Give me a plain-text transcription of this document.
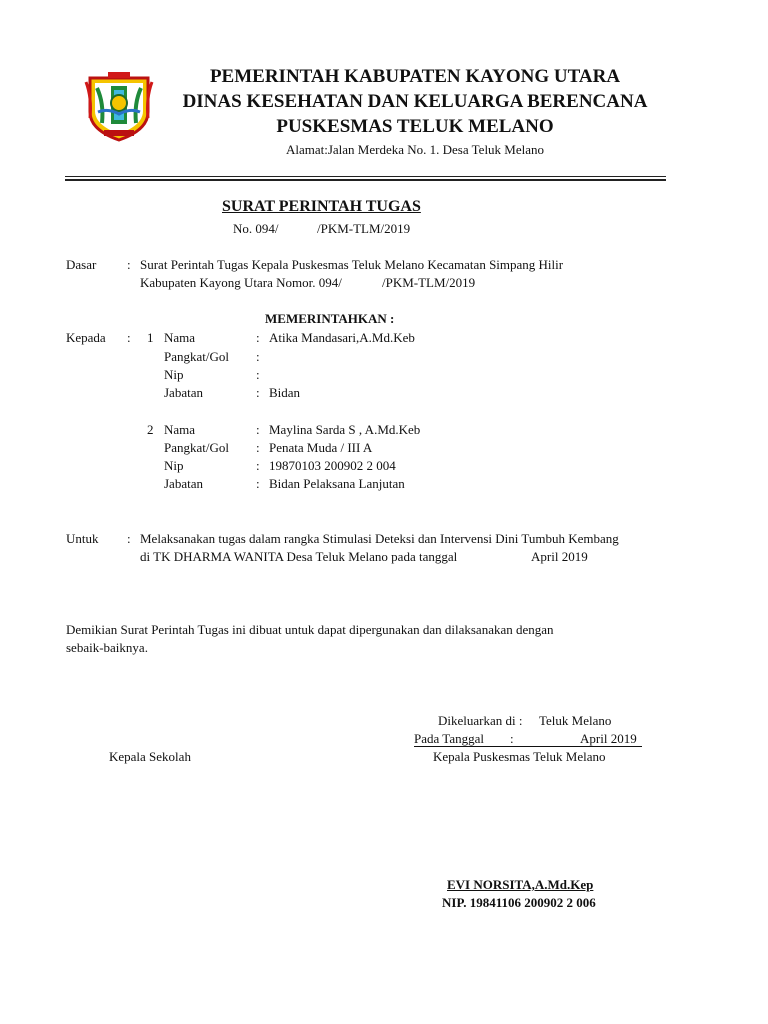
PEMERINTAH KABUPATEN KAYONG UTARA
DINAS KESEHATAN DAN KELUARGA BERENCANA
PUSKESMAS TELUK MELANO
Alamat:Jalan Merdeka No. 1. Desa Teluk Melano
SURAT PERINTAH TUGAS
No. 094/	/PKM-TLM/2019
Dasar : Surat Perintah Tugas Kepala Puskesmas Teluk Melano Kecamatan Simpang Hilir
Kabupaten Kayong Utara Nomor. 094/	/PKM-TLM/2019
MEMERINTAHKAN :
Kepada : 1 Nama	: Atika Mandasari,A.Md.Keb
Pangkat/Gol :
Nip	:
Jabatan	: Bidan
2 Nama	: Maylina Sarda S , A.Md.Keb
Pangkat/Gol : Penata Muda / III A
Nip	: 19870103 200902 2 004
Jabatan	: Bidan Pelaksana Lanjutan
Untuk : Melaksanakan tugas dalam rangka Stimulasi Deteksi dan Intervensi Dini Tumbuh Kembang
di TK DHARMA WANITA Desa Teluk Melano pada tanggal	April 2019
Demikian Surat Perintah Tugas ini dibuat untuk dapat dipergunakan dan dilaksanakan dengan
sebaik-baiknya.
Dikeluarkan di : Teluk Melano
Pada Tanggal :	April 2019
Kepala Sekolah	Kepala Puskesmas Teluk Melano
EVI NORSITA,A.Md.Kep
NIP. 19841106 200902 2 006
